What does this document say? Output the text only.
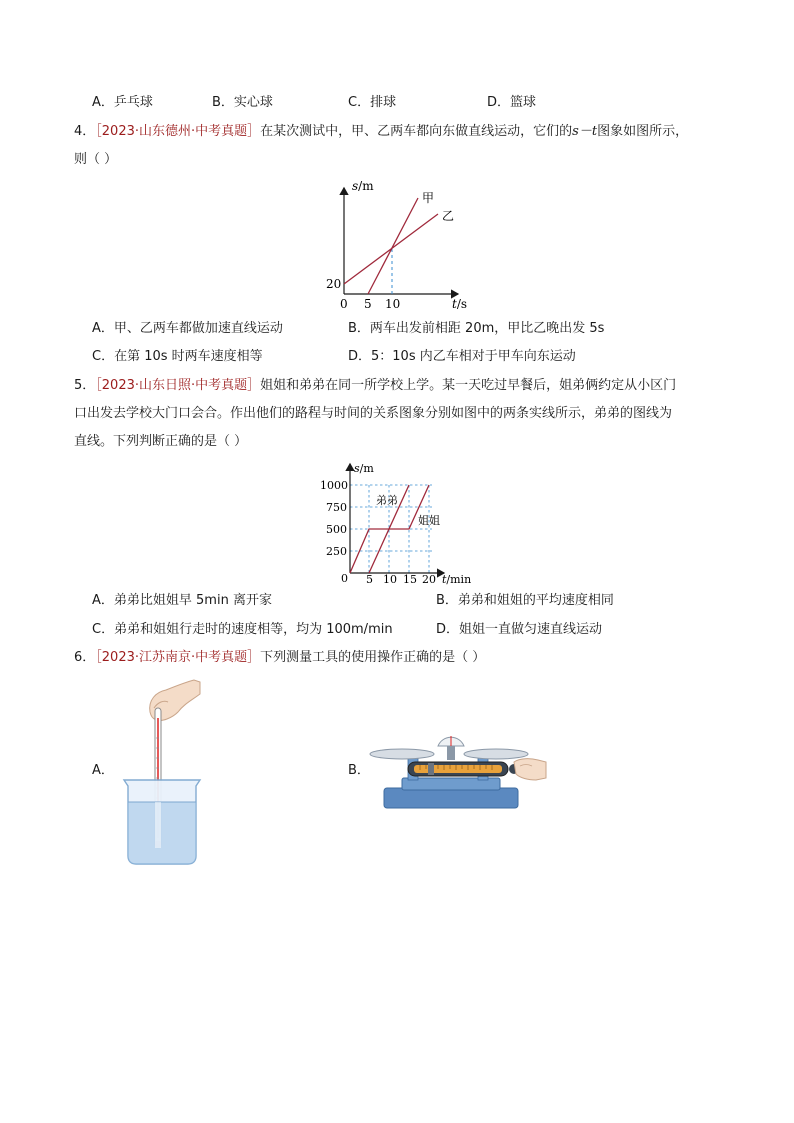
A．乒乓球	B．实心球	C．排球	D．篮球
4．［2023·山东德州·中考真题］在某次测试中，甲、乙两车都向东做直线运动，它们的s－t图象如图所示，
则（ ）
s/m
t/s
甲
乙
20
0 5 10
A．甲、乙两车都做加速直线运动	B．两车出发前相距 20m，甲比乙晚出发 5s
C．在第 10s 时两车速度相等	D．5：10s 内乙车相对于甲车向东运动
5．［2023·山东日照·中考真题］姐姐和弟弟在同一所学校上学。某一天吃过早餐后，姐弟俩约定从小区门
口出发去学校大门口会合。作出他们的路程与时间的关系图象分别如图中的两条实线所示，弟弟的图线为
直线。下列判断正确的是（ ）
s/m
1000
750
500
250
0 5 10 15 20 t/min
弟弟
姐姐
A．弟弟比姐姐早 5min 离开家	B．弟弟和姐姐的平均速度相同
C．弟弟和姐姐行走时的速度相等，均为 100m/min	D．姐姐一直做匀速直线运动
6．［2023·江苏南京·中考真题］下列测量工具的使用操作正确的是（ ）
A．	B．
